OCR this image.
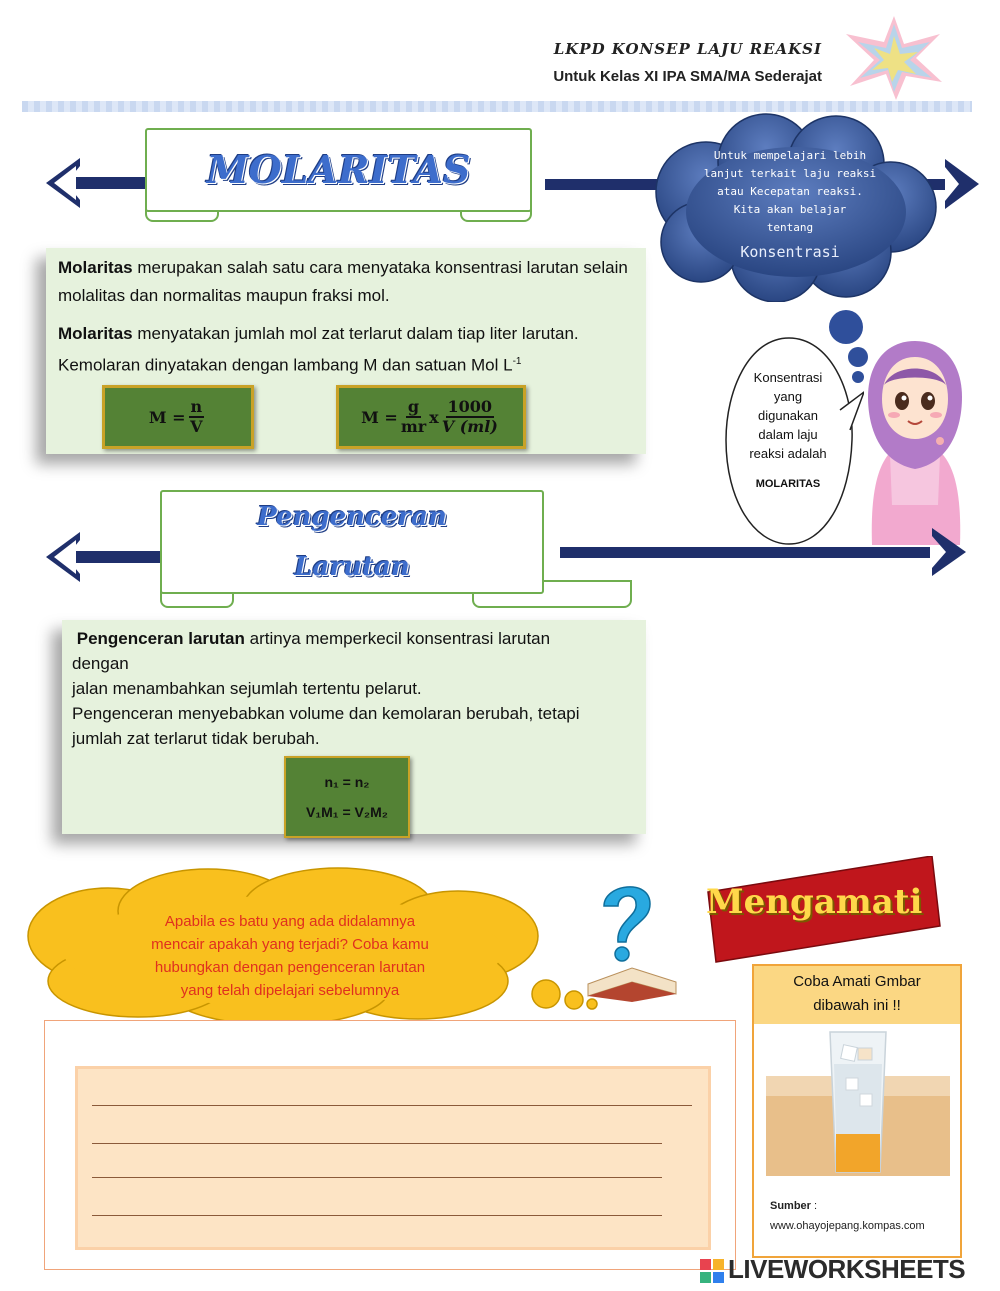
LKPD KONSEP LAJU REAKSI
Untuk Kelas XI IPA SMA/MA Sederajat
MOLARITAS
Molaritas merupakan salah satu cara menyataka konsentrasi larutan selain molalitas dan normalitas maupun fraksi mol.
Molaritas menyatakan jumlah mol zat terlarut dalam tiap liter larutan. Kemolaran dinyatakan dengan lambang M dan satuan Mol $L^{-1}$
$M = \frac{n}{V}$	$M = \frac{g}{mr}$ x $\frac{1000}{V (ml)}$
Untuk mempelajari lebih
lanjut terkait laju reaksi
atau Kecepatan reaksi.
Kita akan belajar
tentang
Konsentrasi
Konsentrasi
yang
digunakan
dalam laju
reaksi adalah
MOLARITAS
Pengenceran
Larutan
Pengenceran larutan artinya memperkecil konsentrasi larutan
dengan
jalan menambahkan sejumlah tertentu pelarut.
Pengenceran menyebabkan volume dan kemolaran berubah, tetapi
jumlah zat terlarut tidak berubah.
n₁ = n₂
V₁M₁ = V₂M₂
Apabila es batu yang ada didalamnya
mencair apakah yang terjadi? Coba kamu
hubungkan dengan pengenceran larutan
yang telah dipelajari sebelumnya
Mengamati
Coba Amati Gmbar
dibawah ini !!
Sumber :
www.ohayojepang.kompas.com
LIVEWORKSHEETS
